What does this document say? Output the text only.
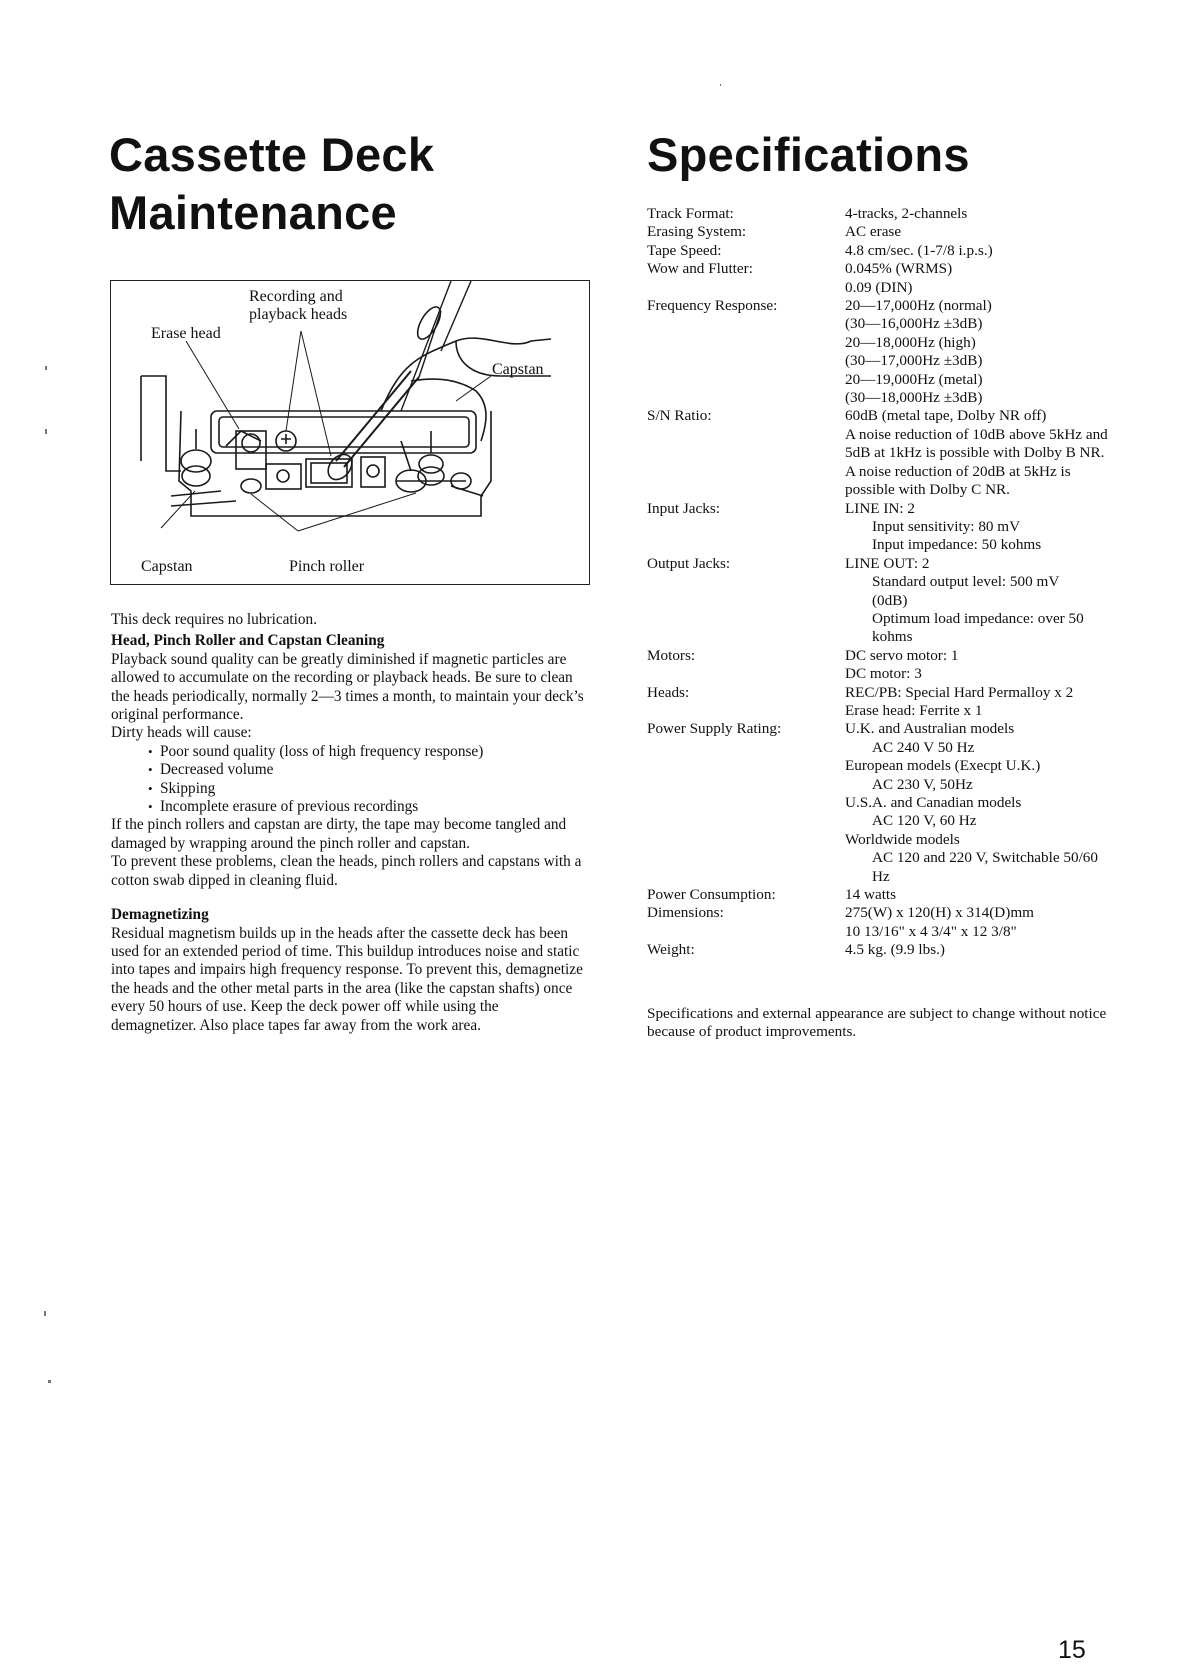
Cassette Deck
Maintenance
Recording and
playback heads
Erase head
Capstan
Capstan	Pinch roller

This deck requires no lubrication.

Head, Pinch Roller and Capstan Cleaning

Playback sound quality can be greatly diminished if magnetic particles are allowed to accumulate on the recording or playback heads. Be sure to clean the heads periodically, normally 2—3 times a month, to maintain your deck’s original performance.

Dirty heads will cause:

• Poor sound quality (loss of high frequency response)
• Decreased volume
• Skipping
• Incomplete erasure of previous recordings

If the pinch rollers and capstan are dirty, the tape may become tangled and damaged by wrapping around the pinch roller and capstan.

To prevent these problems, clean the heads, pinch rollers and capstans with a cotton swab dipped in cleaning fluid.

Demagnetizing

Residual magnetism builds up in the heads after the cassette deck has been used for an extended period of time. This buildup introduces noise and static into tapes and impairs high frequency response. To prevent this, demagnetize the heads and the other metal parts in the area (like the capstan shafts) once every 50 hours of use. Keep the deck power off while using the demagnetizer. Also place tapes far away from the work area.

Specifications
Track Format:	4-tracks, 2-channels
Erasing System:	AC erase
Tape Speed:	4.8 cm/sec. (1-7/8 i.p.s.)
Wow and Flutter:	0.045% (WRMS)
0.09 (DIN)
Frequency Response:	20—17,000Hz (normal)
(30—16,000Hz ±3dB)
20—18,000Hz (high)
(30—17,000Hz ±3dB)
20—19,000Hz (metal)
(30—18,000Hz ±3dB)
S/N Ratio:	60dB (metal tape, Dolby NR off)
A noise reduction of 10dB above 5kHz and 5dB at 1kHz is possible with Dolby B NR. A noise reduction of 20dB at 5kHz is possible with Dolby C NR.
Input Jacks:	LINE IN: 2
Input sensitivity: 80 mV
Input impedance: 50 kohms
Output Jacks:	LINE OUT: 2
Standard output level: 500 mV (0dB)
Optimum load impedance: over 50 kohms
Motors:	DC servo motor: 1
DC motor: 3
Heads:	REC/PB: Special Hard Permalloy x 2
Erase head: Ferrite x 1
Power Supply Rating:	U.K. and Australian models
AC 240 V 50 Hz
European models (Execpt U.K.)
AC 230 V, 50Hz
U.S.A. and Canadian models
AC 120 V, 60 Hz
Worldwide models
AC 120 and 220 V, Switchable 50/60 Hz
Power Consumption:	14 watts
Dimensions:	275(W) x 120(H) x 314(D)mm
10 13/16" x 4 3/4" x 12 3/8"
Weight:	4.5 kg. (9.9 lbs.)

Specifications and external appearance are subject to change without notice because of product improvements.

15
